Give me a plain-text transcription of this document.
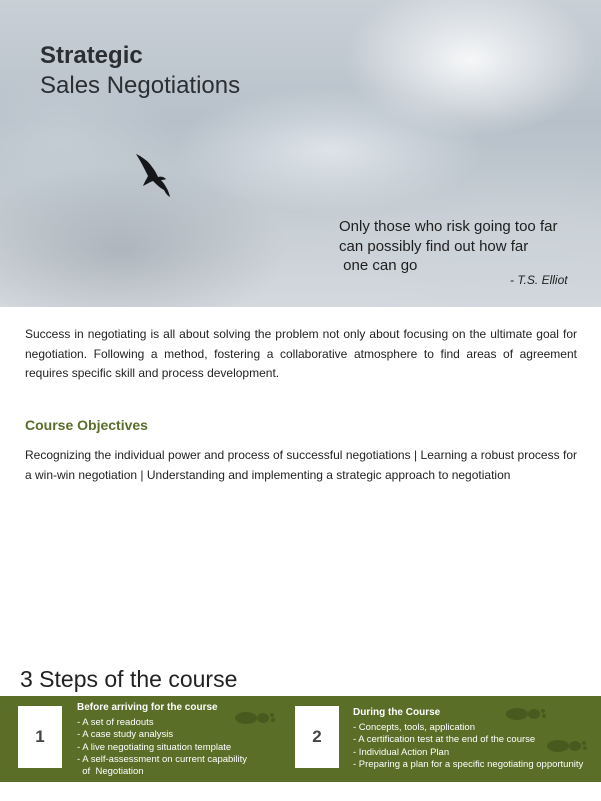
Strategic
Sales Negotiations
Only those who risk going too far
can possibly find out how far
one can go
- T.S. Elliot
Success in negotiating is all about solving the problem not only about focusing on the ultimate goal for negotiation. Following a method, fostering a collaborative atmosphere to find areas of agreement requires specific skill and process development.
Course Objectives
Recognizing the individual power and process of successful negotiations | Learning a robust process for a win-win negotiation | Understanding and implementing a strategic approach to negotiation
3 Steps of the course
1
Before arriving for the course
- A set of readouts
- A case study analysis
- A live negotiating situation template
- A self-assessment on current capability
of  Negotiation
2
During the Course
- Concepts, tools, application
- A certification test at the end of the course
- Individual Action Plan
- Preparing a plan for a specific negotiating opportunity
